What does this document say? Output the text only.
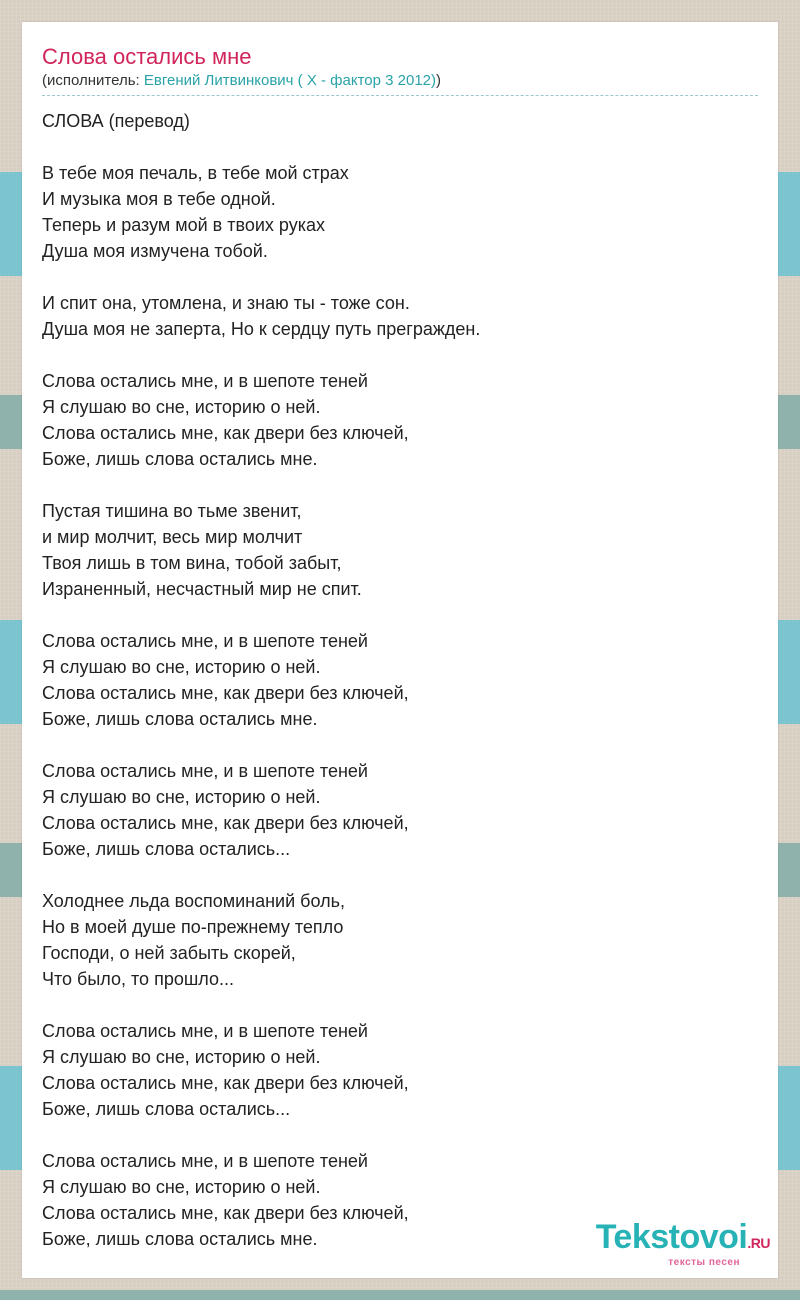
Слова остались мне
(исполнитель: Евгений Литвинкович ( X - фактор 3 2012))
СЛОВА (перевод)
В тебе моя печаль, в тебе мой страх
И музыка моя в тебе одной.
Теперь и разум мой в твоих руках
Душа моя измучена тобой.
И спит она, утомлена, и знаю ты - тоже сон.
Душа моя не заперта, Но к сердцу путь прегражден.
Слова остались мне, и в шепоте теней
Я слушаю во сне, историю о ней.
Слова остались мне, как двери без ключей,
Боже, лишь слова остались мне.
Пустая тишина во тьме звенит,
и мир молчит, весь мир молчит
Твоя лишь в том вина, тобой забыт,
Израненный, несчастный мир не спит.
Слова остались мне, и в шепоте теней
Я слушаю во сне, историю о ней.
Слова остались мне, как двери без ключей,
Боже, лишь слова остались мне.
Слова остались мне, и в шепоте теней
Я слушаю во сне, историю о ней.
Слова остались мне, как двери без ключей,
Боже, лишь слова остались...
Холоднее льда воспоминаний боль,
Но в моей душе по-прежнему тепло
Господи, о ней забыть скорей,
Что было, то прошло...
Слова остались мне, и в шепоте теней
Я слушаю во сне, историю о ней.
Слова остались мне, как двери без ключей,
Боже, лишь слова остались...
Слова остались мне, и в шепоте теней
Я слушаю во сне, историю о ней.
Слова остались мне, как двери без ключей,
Боже, лишь слова остались мне.	Tekstovoi.RU
тексты песен
